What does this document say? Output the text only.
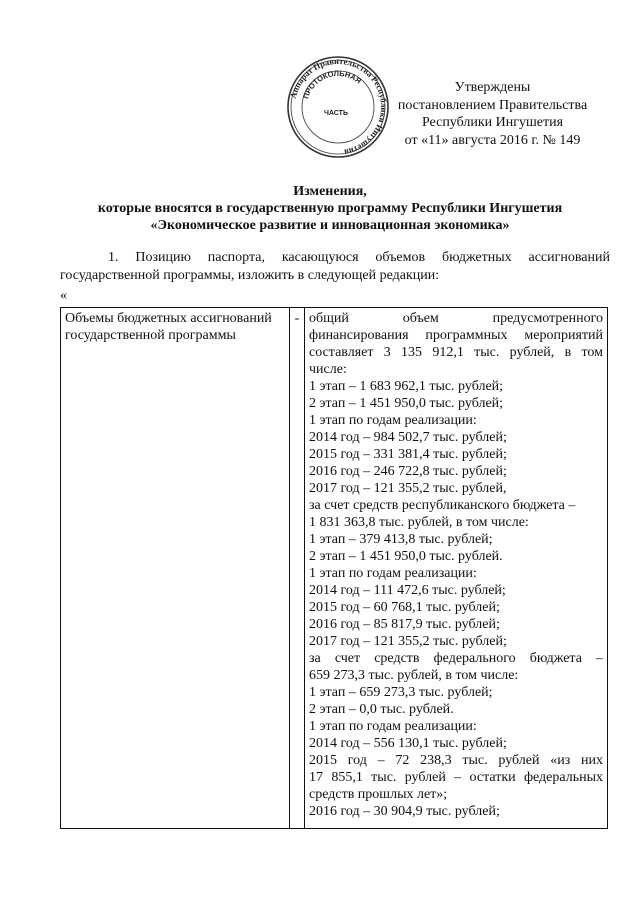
Аппарат Правительства Республики Ингушетия
ПРОТОКОЛЬНАЯ
ЧАСТЬ
Утверждены
постановлением Правительства
Республики Ингушетия
от «11» августа 2016 г. № 149
Изменения,
которые вносятся в государственную программу Республики Ингушетия
«Экономическое развитие и инновационная экономика»
1. Позицию паспорта, касающуюся объемов бюджетных ассигнований государственной программы, изложить в следующей редакции:
«
Объемы бюджетных ассигнований государственной программы	-	общий объем предусмотренного
финансирования программных мероприятий
составляет 3 135 912,1 тыс. рублей, в том
числе:
1 этап – 1 683 962,1 тыс. рублей;
2 этап – 1 451 950,0 тыс. рублей;
1 этап по годам реализации:
2014 год – 984 502,7 тыс. рублей;
2015 год – 331 381,4 тыс. рублей;
2016 год – 246 722,8 тыс. рублей;
2017 год – 121 355,2 тыс. рублей,
за счет средств республиканского бюджета –
1 831 363,8 тыс. рублей, в том числе:
1 этап – 379 413,8 тыс. рублей;
2 этап – 1 451 950,0 тыс. рублей.
1 этап по годам реализации:
2014 год – 111 472,6 тыс. рублей;
2015 год – 60 768,1 тыс. рублей;
2016 год – 85 817,9 тыс. рублей;
2017 год – 121 355,2 тыс. рублей;
за счет средств федерального бюджета –
659 273,3 тыс. рублей, в том числе:
1 этап – 659 273,3 тыс. рублей;
2 этап – 0,0 тыс. рублей.
1 этап по годам реализации:
2014 год – 556 130,1 тыс. рублей;
2015 год – 72 238,3 тыс. рублей «из них
17 855,1 тыс. рублей – остатки федеральных
средств прошлых лет»;
2016 год – 30 904,9 тыс. рублей;
